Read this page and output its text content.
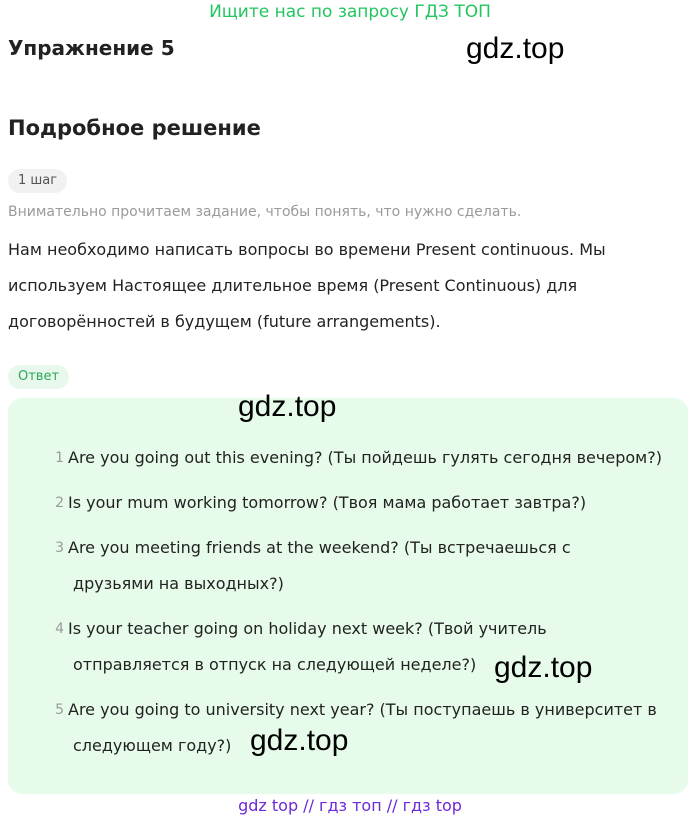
Ищите нас по запросу ГДЗ ТОП
Упражнение 5	gdz.top
Подробное решение
1 шаг
Внимательно прочитаем задание, чтобы понять, что нужно сделать.
Нам необходимо написать вопросы во времени Present continuous. Мы
используем Настоящее длительное время (Present Continuous) для
договорённостей в будущем (future arrangements).
Ответ
gdz.top
1 Are you going out this evening? (Ты пойдешь гулять сегодня вечером?)
2 Is your mum working tomorrow? (Твоя мама работает завтра?)
3 Are you meeting friends at the weekend? (Ты встречаешься с
друзьями на выходных?)
4 Is your teacher going on holiday next week? (Твой учитель
отправляется в отпуск на следующей неделе?)
5 Are you going to university next year? (Ты поступаешь в университет в
следующем году?)
gdz.top
gdz.top
gdz top // гдз топ // гдз top
